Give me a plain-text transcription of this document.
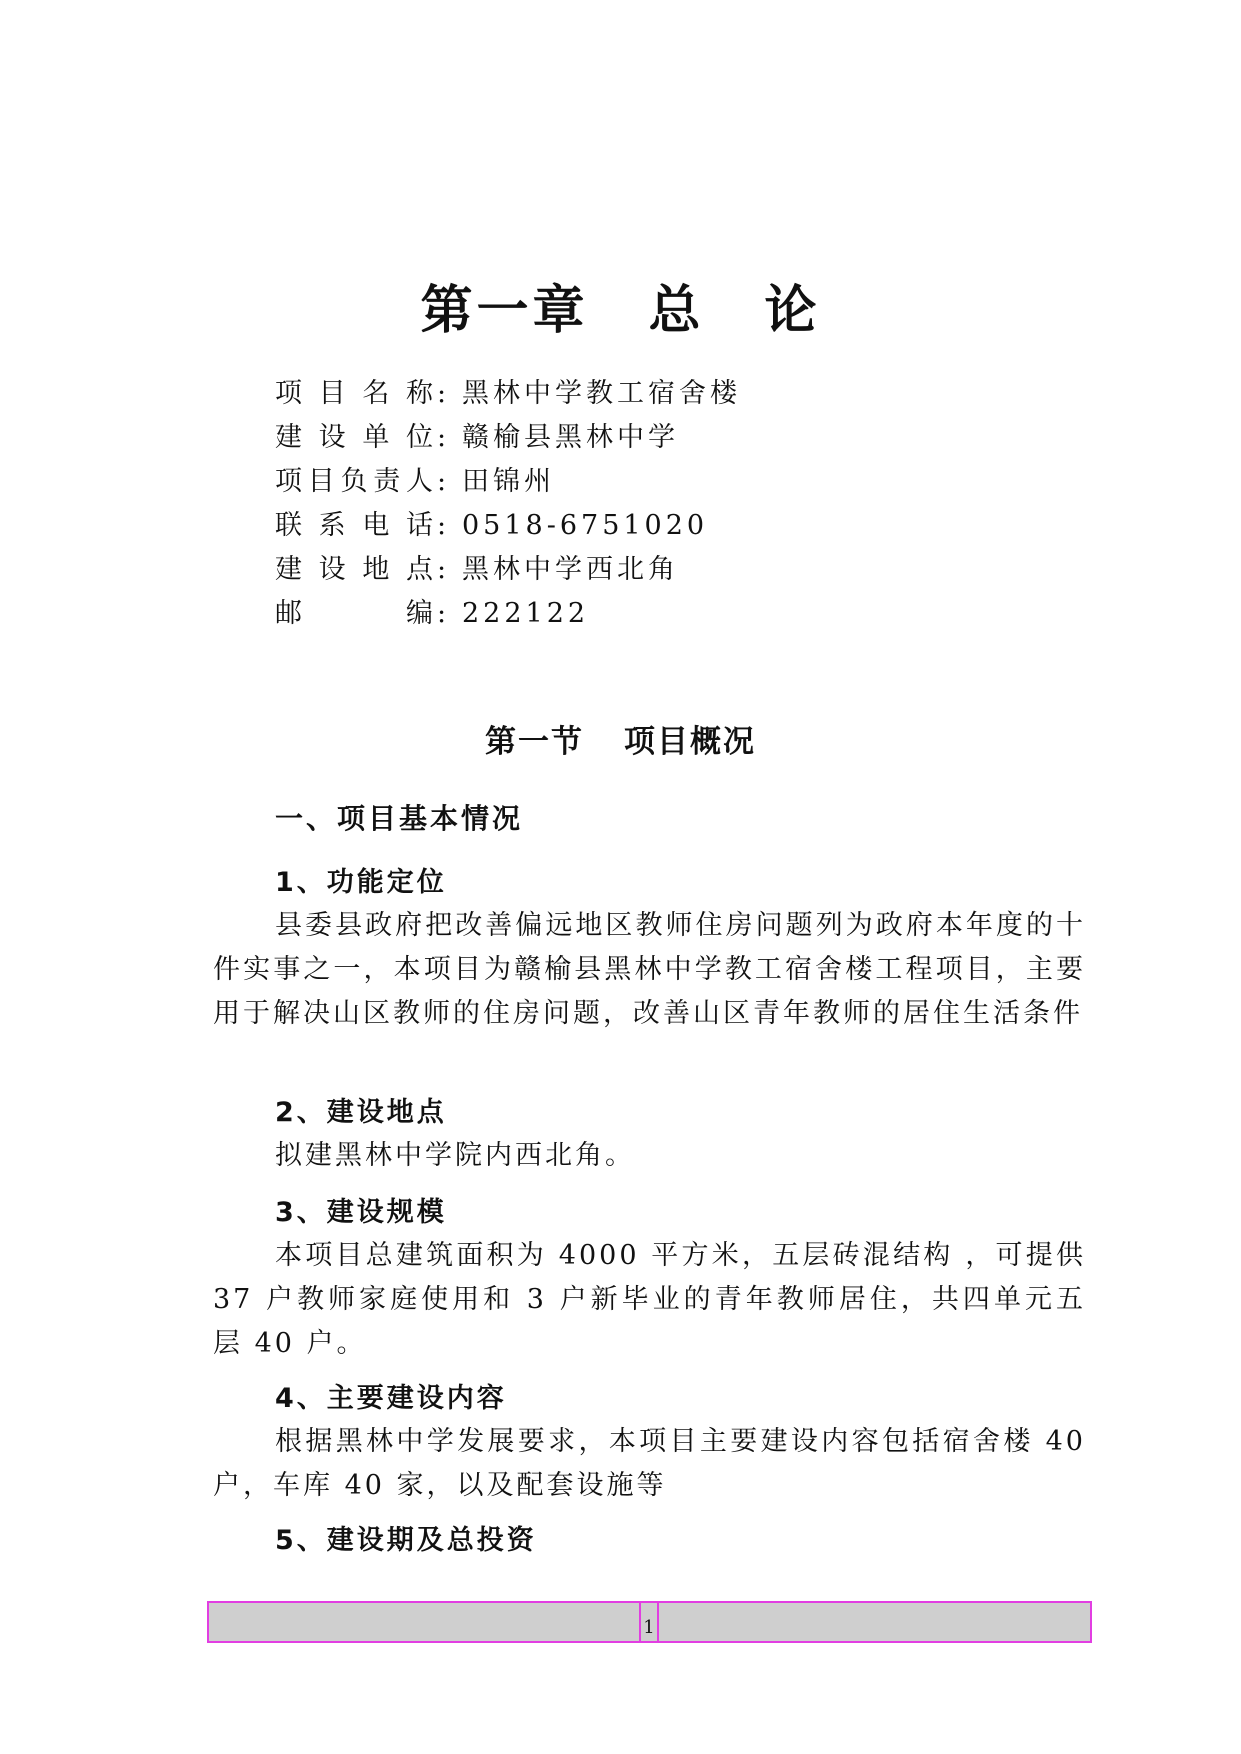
第一章 总 论
项目名称: 黑林中学教工宿舍楼
建设单位: 赣榆县黑林中学
项目负责人: 田锦州
联系电话: 0518-6751020
建设地点: 黑林中学西北角
邮编: 222122
第一节 项目概况
一、项目基本情况
1、功能定位

县委县政府把改善偏远地区教师住房问题列为政府本年度的十件实事之一，本项目为赣榆县黑林中学教工宿舍楼工程项目，主要用于解决山区教师的住房问题，改善山区青年教师的居住生活条件

2、建设地点

拟建黑林中学院内西北角。

3、建设规模

本项目总建筑面积为 4000 平方米，五层砖混结构 ，可提供 37 户教师家庭使用和 3 户新毕业的青年教师居住，共四单元五层 40 户。

4、主要建设内容

根据黑林中学发展要求，本项目主要建设内容包括宿舍楼 40 户，车库 40 家，以及配套设施等

5、建设期及总投资
1
